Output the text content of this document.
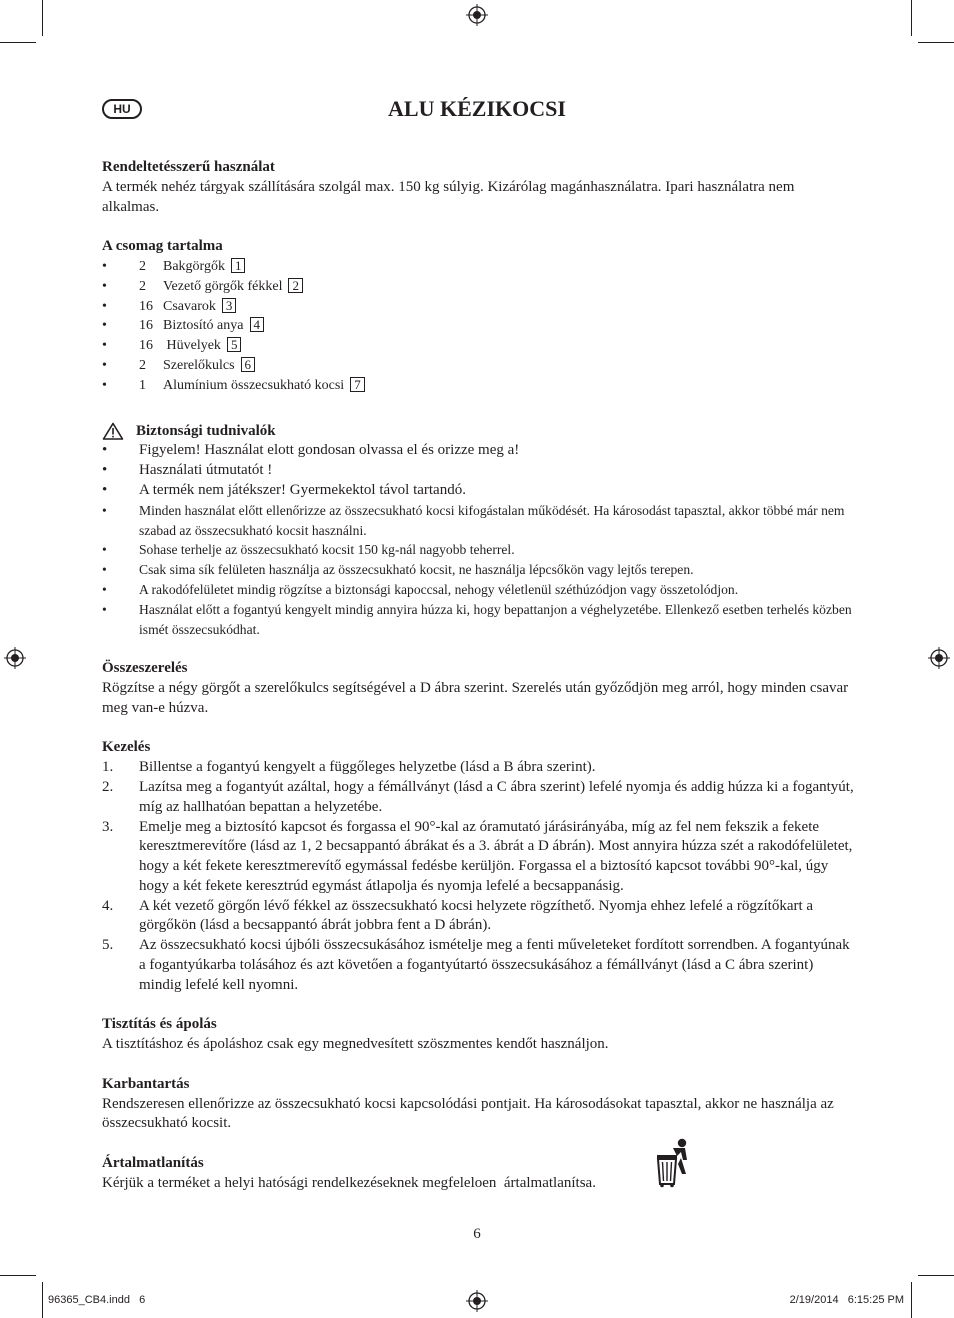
HU	ALU KÉZIKOCSI
Rendeltetésszerű használat
A termék nehéz tárgyak szállítására szolgál max. 150 kg súlyig. Kizárólag magánhasználatra. Ipari használatra nem alkalmas.
A csomag tartalma
• 2 Bakgörgők 1
• 2 Vezető görgők fékkel 2
• 16 Csavarok 3
• 16 Biztosító anya 4
• 16 Hüvelyek 5
• 2 Szerelőkulcs 6
• 1 Alumínium összecsukható kocsi 7
Biztonsági tudnivalók
• Figyelem! Használat elott gondosan olvassa el és orizze meg a!
• Használati útmutatót !
• A termék nem játékszer! Gyermekektol távol tartandó.
• Minden használat előtt ellenőrizze az összecsukható kocsi kifogástalan működését. Ha károsodást tapasztal, akkor többé már nem szabad az összecsukható kocsit használni.
• Sohase terhelje az összecsukható kocsit 150 kg-nál nagyobb teherrel.
• Csak sima sík felületen használja az összecsukható kocsit, ne használja lépcsőkön vagy lejtős terepen.
• A rakodófelületet mindig rögzítse a biztonsági kapoccsal, nehogy véletlenül széthúzódjon vagy összetolódjon.
• Használat előtt a fogantyú kengyelt mindig annyira húzza ki, hogy bepattanjon a véghelyzetébe. Ellenkező esetben terhelés közben ismét összecsukódhat.
Összeszerelés
Rögzítse a négy görgőt a szerelőkulcs segítségével a D ábra szerint. Szerelés után győződjön meg arról, hogy minden csavar meg van-e húzva.
Kezelés
1. Billentse a fogantyú kengyelt a függőleges helyzetbe (lásd a B ábra szerint).
2. Lazítsa meg a fogantyút azáltal, hogy a fémállványt (lásd a C ábra szerint) lefelé nyomja és addig húzza ki a fogantyút, míg az hallhatóan bepattan a helyzetébe.
3. Emelje meg a biztosító kapcsot és forgassa el 90°-kal az óramutató járásirányába, míg az fel nem fekszik a fekete keresztmerevítőre (lásd az 1, 2 becsappantó ábrákat és a 3. ábrát a D ábrán). Most annyira húzza szét a rakodófelületet, hogy a két fekete keresztmerevítő egymással fedésbe kerüljön. Forgassa el a biztosító kapcsot további 90°-kal, úgy hogy a két fekete keresztrúd egymást átlapolja és nyomja lefelé a becsappanásig.
4. A két vezető görgőn lévő fékkel az összecsukható kocsi helyzete rögzíthető. Nyomja ehhez lefelé a rögzítőkart a görgőkön (lásd a becsappantó ábrát jobbra fent a D ábrán).
5. Az összecsukható kocsi újbóli összecsukásához ismételje meg a fenti műveleteket fordított sorrendben. A fogantyúnak a fogantyúkarba tolásához és azt követően a fogantyútartó összecsukásához a fémállványt (lásd a C ábra szerint) mindig lefelé kell nyomni.
Tisztítás és ápolás
A tisztításhoz és ápoláshoz csak egy megnedvesített szöszmentes kendőt használjon.
Karbantartás
Rendszeresen ellenőrizze az összecsukható kocsi kapcsolódási pontjait. Ha károsodásokat tapasztal, akkor ne használja az összecsukható kocsit.
Ártalmatlanítás
Kérjük a terméket a helyi hatósági rendelkezéseknek megfeleloen  ártalmatlanítsa.
6
96365_CB4.indd   6	2/19/2014   6:15:25 PM
